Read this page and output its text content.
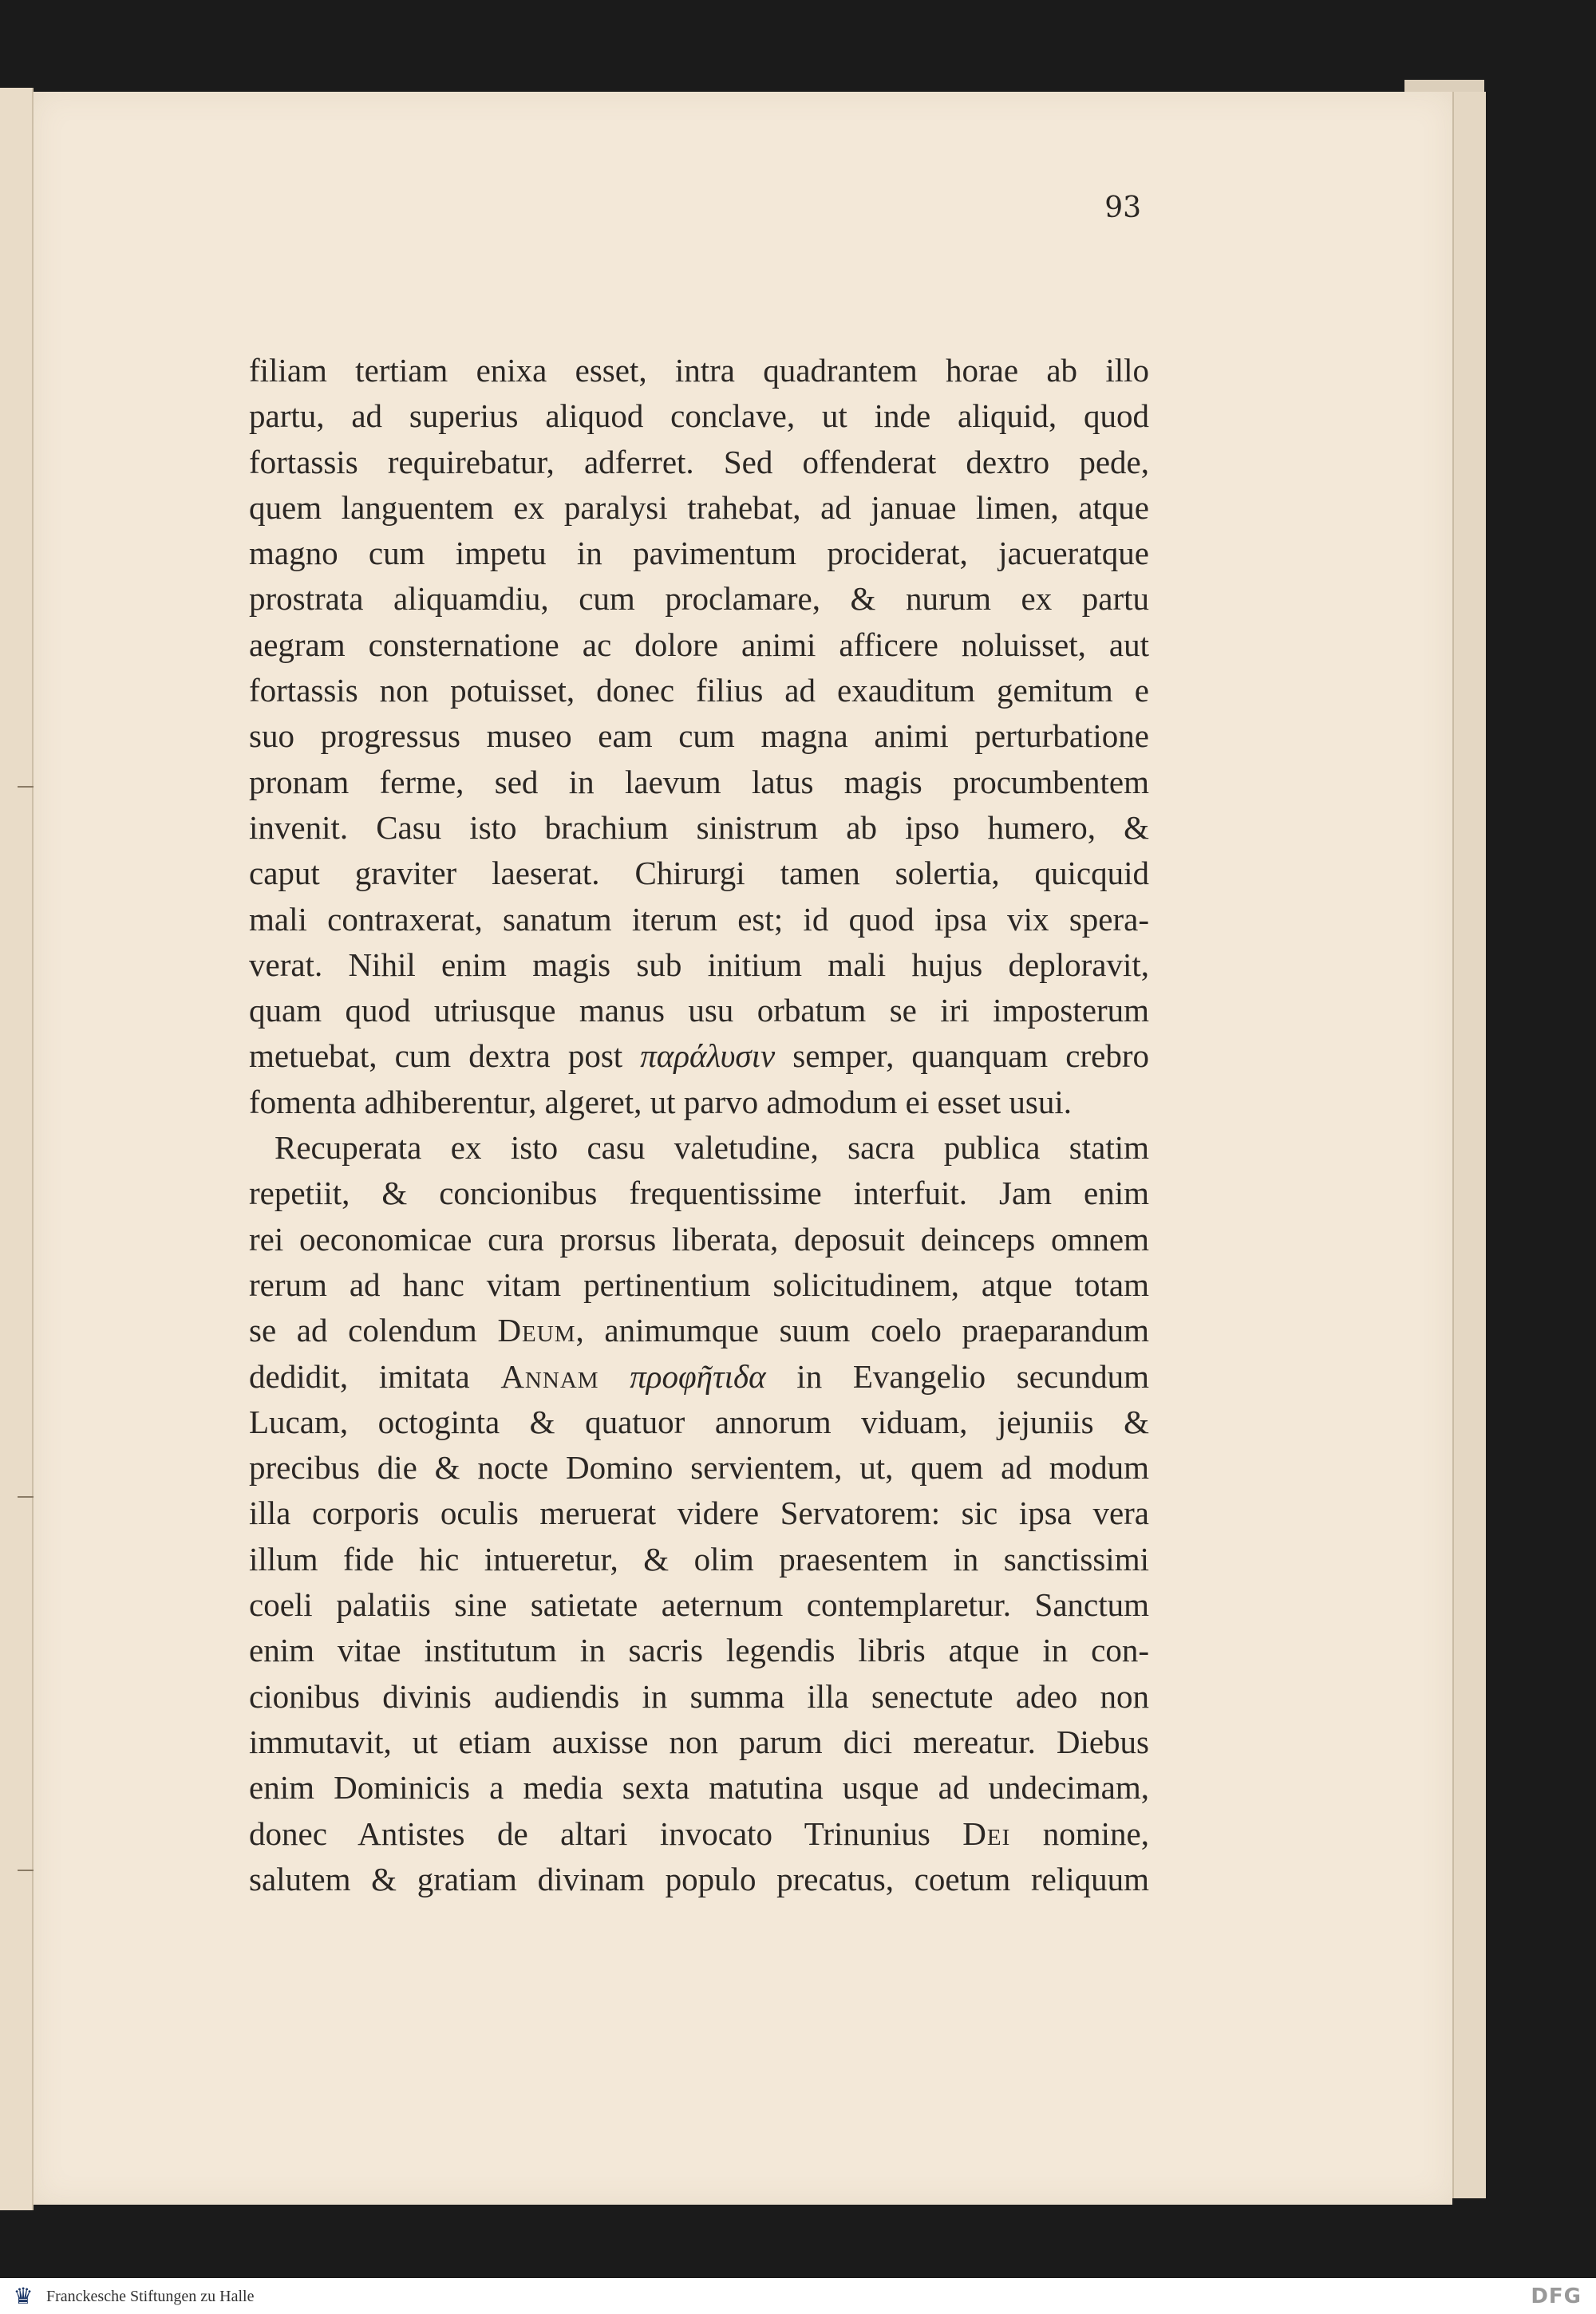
93
filiam tertiam enixa esset, intra quadrantem horae ab illo
partu, ad superius aliquod conclave, ut inde aliquid, quod
fortassis requirebatur, adferret. Sed offenderat dextro pede,
quem languentem ex paralysi trahebat, ad januae limen, atque
magno cum impetu in pavimentum prociderat, jacueratque
prostrata aliquamdiu, cum proclamare, & nurum ex partu
aegram consternatione ac dolore animi afficere noluisset, aut
fortassis non potuisset, donec filius ad exauditum gemitum e
suo progressus museo eam cum magna animi perturbatione
pronam ferme, sed in laevum latus magis procumbentem
invenit. Casu isto brachium sinistrum ab ipso humero, &
caput graviter laeserat. Chirurgi tamen solertia, quicquid
mali contraxerat, sanatum iterum est; id quod ipsa vix spera-
verat. Nihil enim magis sub initium mali hujus deploravit,
quam quod utriusque manus usu orbatum se iri imposterum
metuebat, cum dextra post παράλυσιν semper, quanquam crebro
fomenta adhiberentur, algeret, ut parvo admodum ei esset usui.
Recuperata ex isto casu valetudine, sacra publica statim
repetiit, & concionibus frequentissime interfuit. Jam enim
rei oeconomicae cura prorsus liberata, deposuit deinceps omnem
rerum ad hanc vitam pertinentium solicitudinem, atque totam
se ad colendum Deum, animumque suum coelo praeparandum
dedidit, imitata Annam προφῆτιδα in Evangelio secundum
Lucam, octoginta & quatuor annorum viduam, jejuniis &
precibus die & nocte Domino servientem, ut, quem ad modum
illa corporis oculis meruerat videre Servatorem: sic ipsa vera
illum fide hic intueretur, & olim praesentem in sanctissimi
coeli palatiis sine satietate aeternum contemplaretur. Sanctum
enim vitae institutum in sacris legendis libris atque in con-
cionibus divinis audiendis in summa illa senectute adeo non
immutavit, ut etiam auxisse non parum dici mereatur. Diebus
enim Dominicis a media sexta matutina usque ad undecimam,
donec Antistes de altari invocato Trinunius Dei nomine,
salutem & gratiam divinam populo precatus, coetum reliquum
♛ Franckesche Stiftungen zu Halle	DFG
